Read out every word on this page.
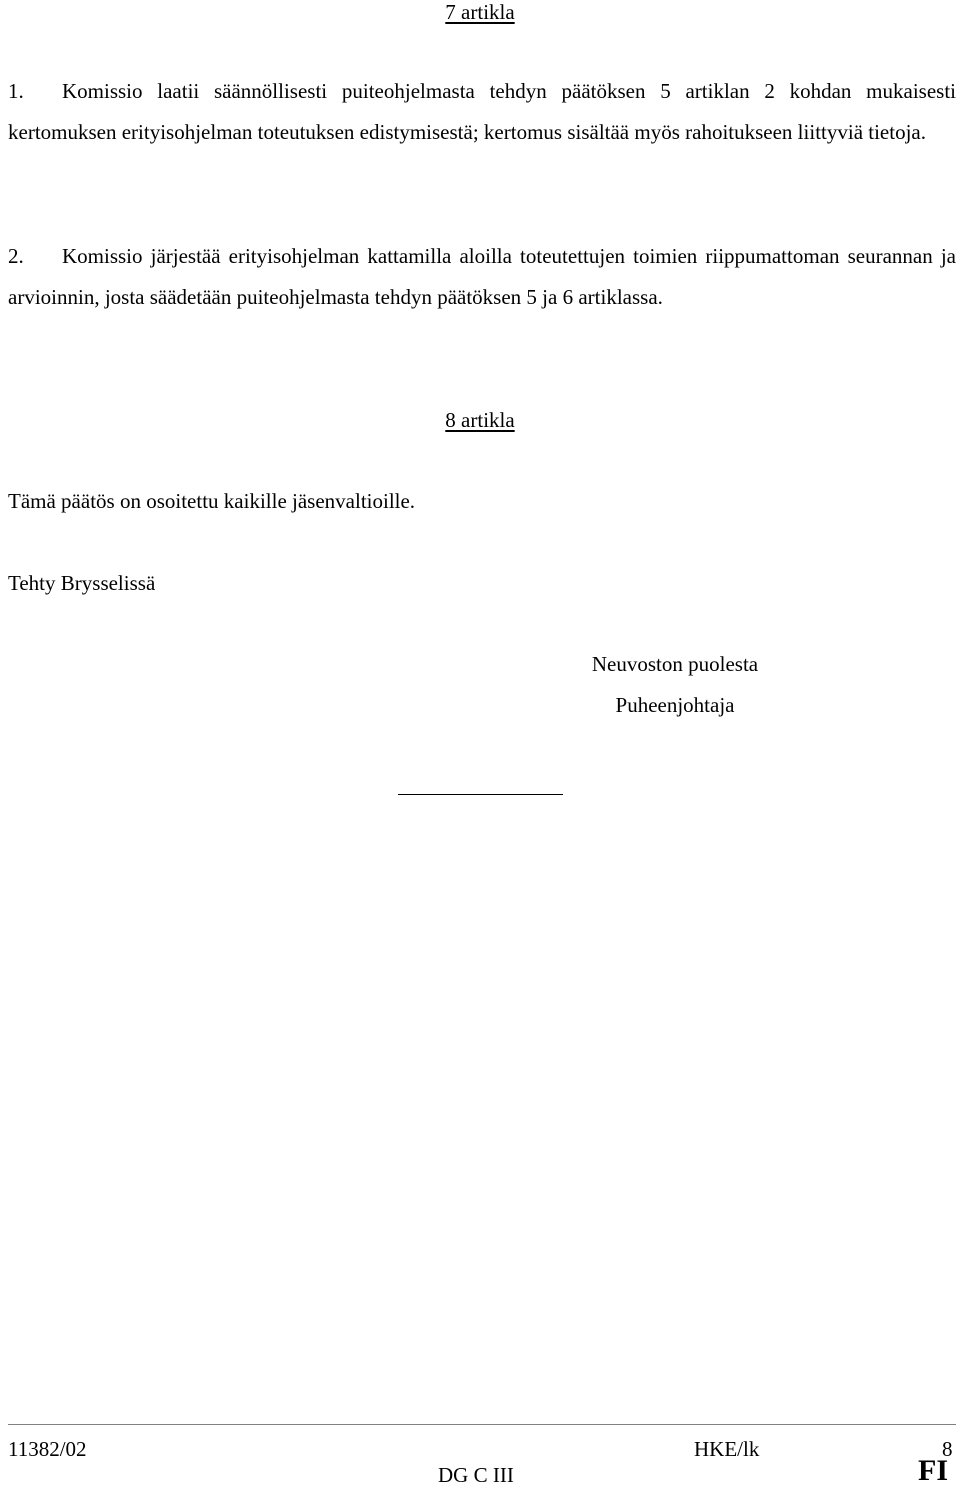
7 artikla
1. Komissio laatii säännöllisesti puiteohjelmasta tehdyn päätöksen 5 artiklan 2 kohdan mukaisesti kertomuksen erityisohjelman toteutuksen edistymisestä; kertomus sisältää myös rahoitukseen liittyviä tietoja.
2. Komissio järjestää erityisohjelman kattamilla aloilla toteutettujen toimien riippumattoman seurannan ja arvioinnin, josta säädetään puiteohjelmasta tehdyn päätöksen 5 ja 6 artiklassa.
8 artikla
Tämä päätös on osoitettu kaikille jäsenvaltioille.
Tehty Brysselissä
Neuvoston puolesta
Puheenjohtaja
11382/02	HKE/lk	8
DG C III	FI
